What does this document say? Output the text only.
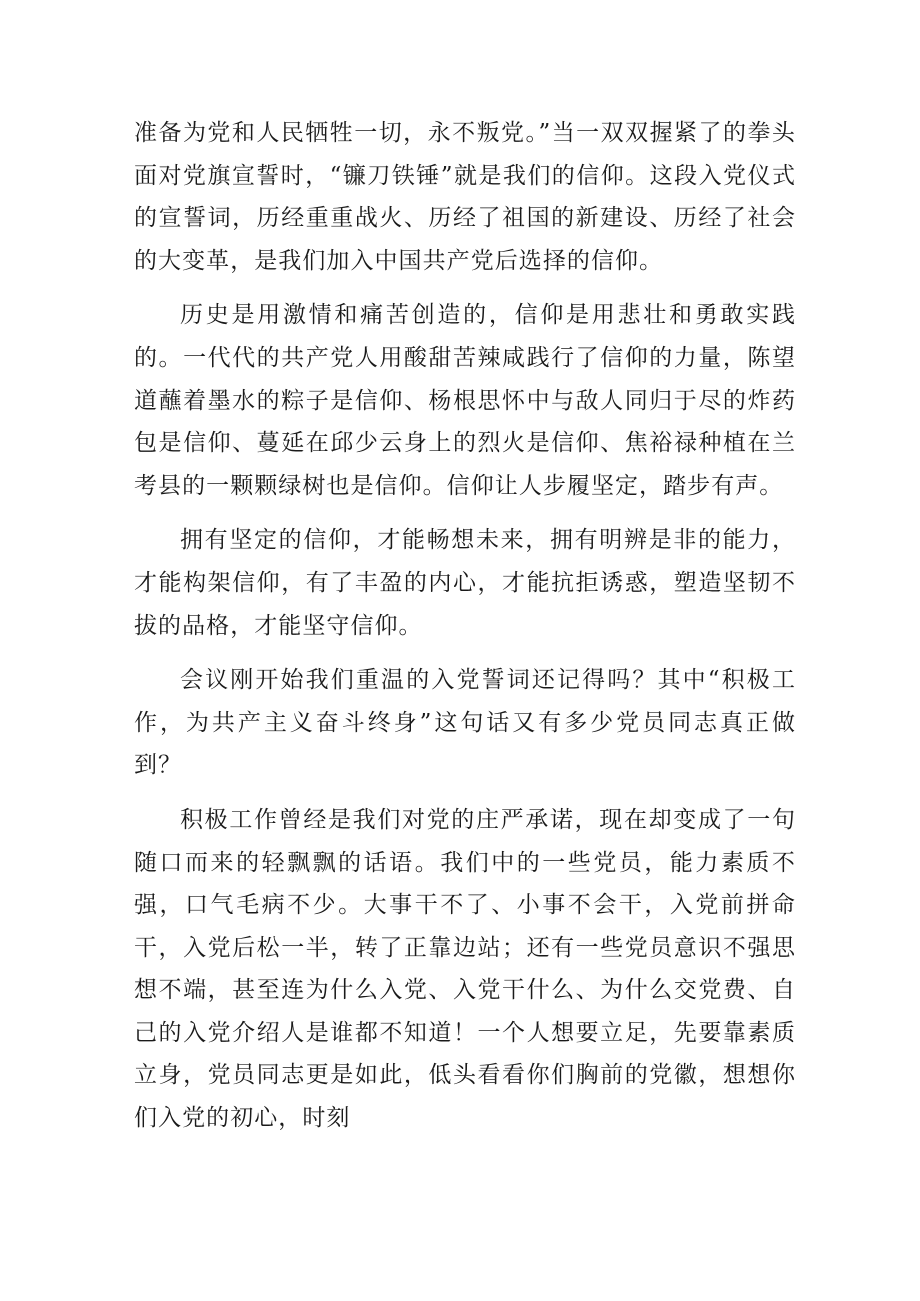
准备为党和人民牺牲一切，永不叛党。”当一双双握紧了的拳头面对党旗宣誓时，“镰刀铁锤”就是我们的信仰。这段入党仪式的宣誓词，历经重重战火、历经了祖国的新建设、历经了社会的大变革，是我们加入中国共产党后选择的信仰。

历史是用激情和痛苦创造的，信仰是用悲壮和勇敢实践的。一代代的共产党人用酸甜苦辣咸践行了信仰的力量，陈望道蘸着墨水的粽子是信仰、杨根思怀中与敌人同归于尽的炸药包是信仰、蔓延在邱少云身上的烈火是信仰、焦裕禄种植在兰考县的一颗颗绿树也是信仰。信仰让人步履坚定，踏步有声。

拥有坚定的信仰，才能畅想未来，拥有明辨是非的能力，才能构架信仰，有了丰盈的内心，才能抗拒诱惑，塑造坚韧不拔的品格，才能坚守信仰。

会议刚开始我们重温的入党誓词还记得吗？其中“积极工作，为共产主义奋斗终身”这句话又有多少党员同志真正做到？

积极工作曾经是我们对党的庄严承诺，现在却变成了一句随口而来的轻飘飘的话语。我们中的一些党员，能力素质不强，口气毛病不少。大事干不了、小事不会干，入党前拼命干，入党后松一半，转了正靠边站；还有一些党员意识不强思想不端，甚至连为什么入党、入党干什么、为什么交党费、自己的入党介绍人是谁都不知道！一个人想要立足，先要靠素质立身，党员同志更是如此，低头看看你们胸前的党徽，想想你们入党的初心，时刻
